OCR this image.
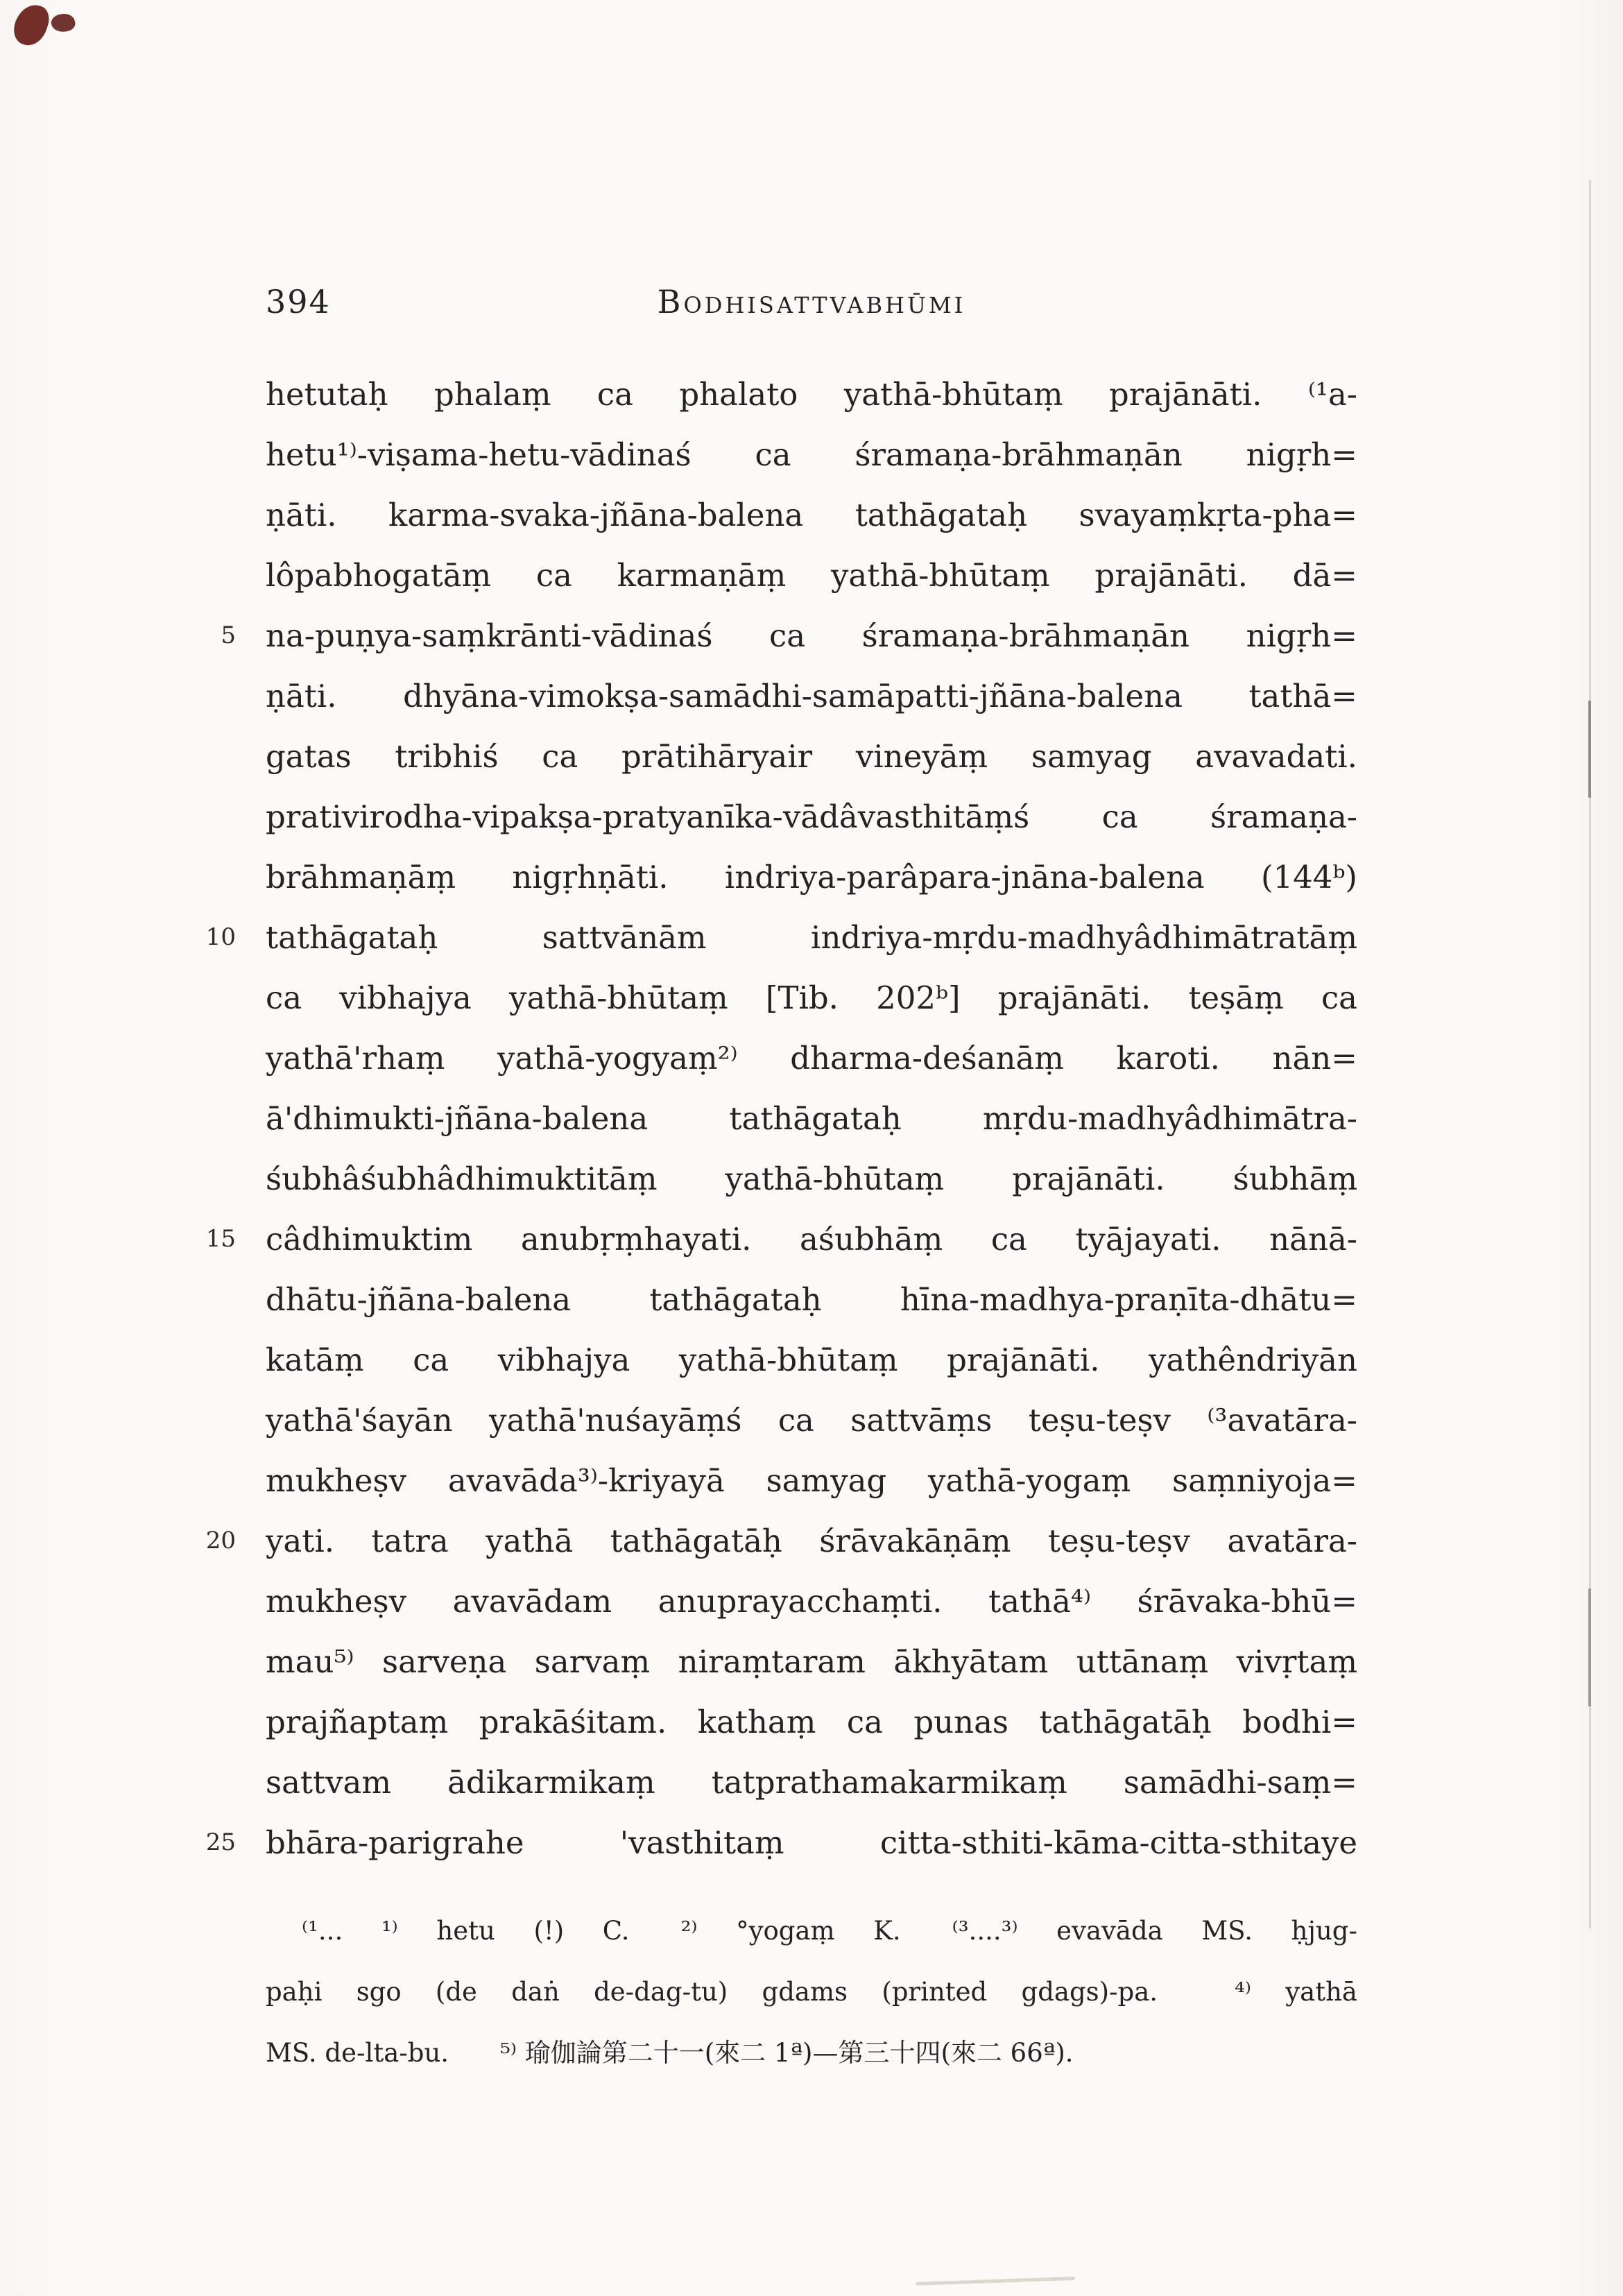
394	Bodhisattvabhūmi
5
10
15
20
25
hetutaḥ phalaṃ ca phalato yathā-bhūtaṃ prajānāti. ⁽¹a-
hetu¹⁾-viṣama-hetu-vādinaś ca śramaṇa-brāhmaṇān nigṛh=
ṇāti. karma-svaka-jñāna-balena tathāgataḥ svayaṃkṛta-pha=
lôpabhogatāṃ ca karmaṇāṃ yathā-bhūtaṃ prajānāti. dā=
na-puṇya-saṃkrānti-vādinaś ca śramaṇa-brāhmaṇān nigṛh=
ṇāti. dhyāna-vimokṣa-samādhi-samāpatti-jñāna-balena tathā=
gatas tribhiś ca prātihāryair vineyāṃ samyag avavadati.
prativirodha-vipakṣa-pratyanīka-vādâvasthitāṃś ca śramaṇa-
brāhmaṇāṃ nigṛhṇāti. indriya-parâpara-jnāna-balena (144ᵇ)
tathāgataḥ sattvānām indriya-mṛdu-madhyâdhimātratāṃ
ca vibhajya yathā-bhūtaṃ [Tib. 202ᵇ] prajānāti. teṣāṃ ca
yathā'rhaṃ yathā-yogyaṃ²⁾ dharma-deśanāṃ karoti. nān=
ā'dhimukti-jñāna-balena tathāgataḥ mṛdu-madhyâdhimātra-
śubhâśubhâdhimuktitāṃ yathā-bhūtaṃ prajānāti. śubhāṃ
câdhimuktim anubṛṃhayati. aśubhāṃ ca tyājayati. nānā-
dhātu-jñāna-balena tathāgataḥ hīna-madhya-praṇīta-dhātu=
katāṃ ca vibhajya yathā-bhūtaṃ prajānāti. yathêndriyān
yathā'śayān yathā'nuśayāṃś ca sattvāṃs teṣu-teṣv ⁽³avatāra-
mukheṣv avavāda³⁾-kriyayā samyag yathā-yogaṃ saṃniyoja=
yati. tatra yathā tathāgatāḥ śrāvakāṇāṃ teṣu-teṣv avatāra-
mukheṣv avavādam anuprayacchaṃti. tathā⁴⁾ śrāvaka-bhū=
mau⁵⁾ sarveṇa sarvaṃ niraṃtaram ākhyātam uttānaṃ vivṛtaṃ
prajñaptaṃ prakāśitam. kathaṃ ca punas tathāgatāḥ bodhi=
sattvam ādikarmikaṃ tatprathamakarmikaṃ samādhi-saṃ=
bhāra-parigrahe 'vasthitaṃ citta-sthiti-kāma-citta-sthitaye
⁽¹... ¹⁾ hetu (!) C.  ²⁾ °yogaṃ K.  ⁽³....³⁾ evavāda MS. ḥjug-
paḥi sgo (de daṅ de-dag-tu) gdams (printed gdags)-pa.   ⁴⁾ yathā
MS. de-lta-bu.  ⁵⁾ 瑜伽論第二十一(來二 1ª)—第三十四(來二 66ª).
